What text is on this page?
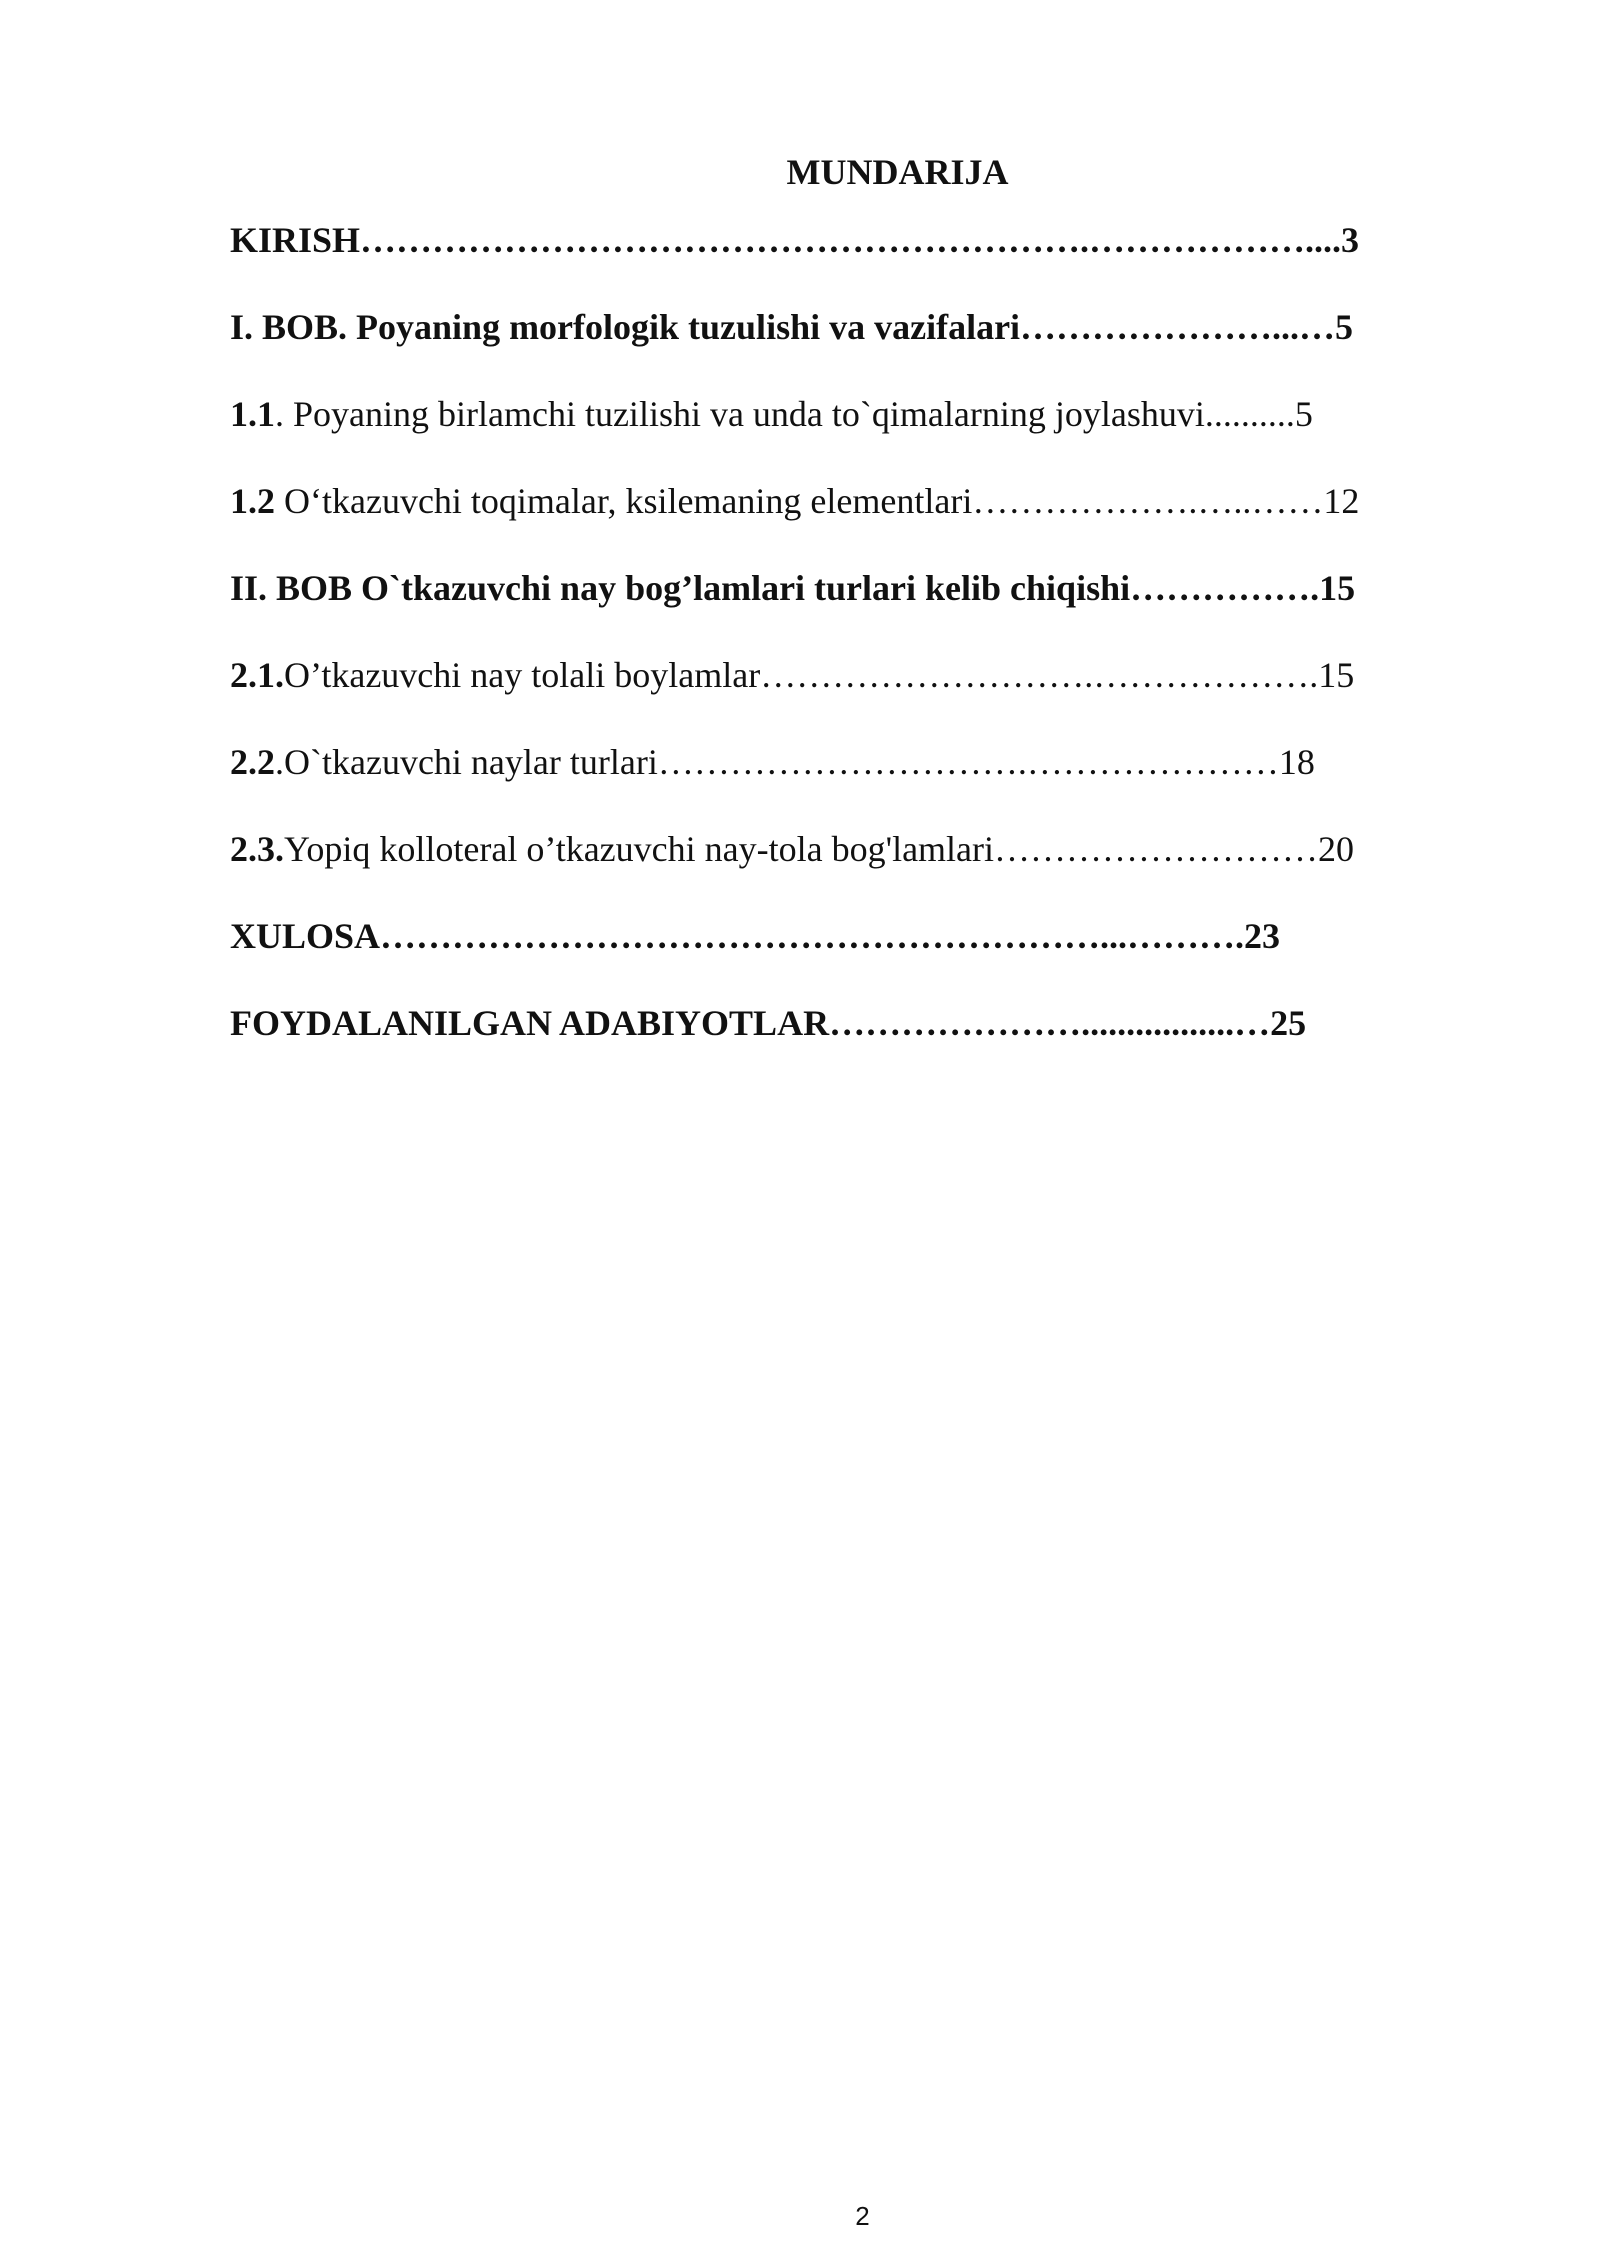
MUNDARIJA
KIRISH…………………………………………………….………………....3
I. BOB. Poyaning morfologik tuzulishi va vazifalari…………………...…5
1.1. Poyaning birlamchi tuzilishi va unda to`qimalarning joylashuvi..........5
1.2 O‘tkazuvchi toqimalar, ksilemaning elementlari……………….…..……12
II. BOB O`tkazuvchi nay bog’lamlari turlari kelib chiqishi…………….15
2.1.O’tkazuvchi nay tolali boylamlar……………………….……………….15
2.2.O`tkazuvchi naylar turlari………………………….…………………18
2.3.Yopiq kolloteral o’tkazuvchi nay-tola bog'lamlari………………………20
XULOSA……………………………………………………...……….23
FOYDALANILGAN ADABIYOTLAR………………….................…25
2
